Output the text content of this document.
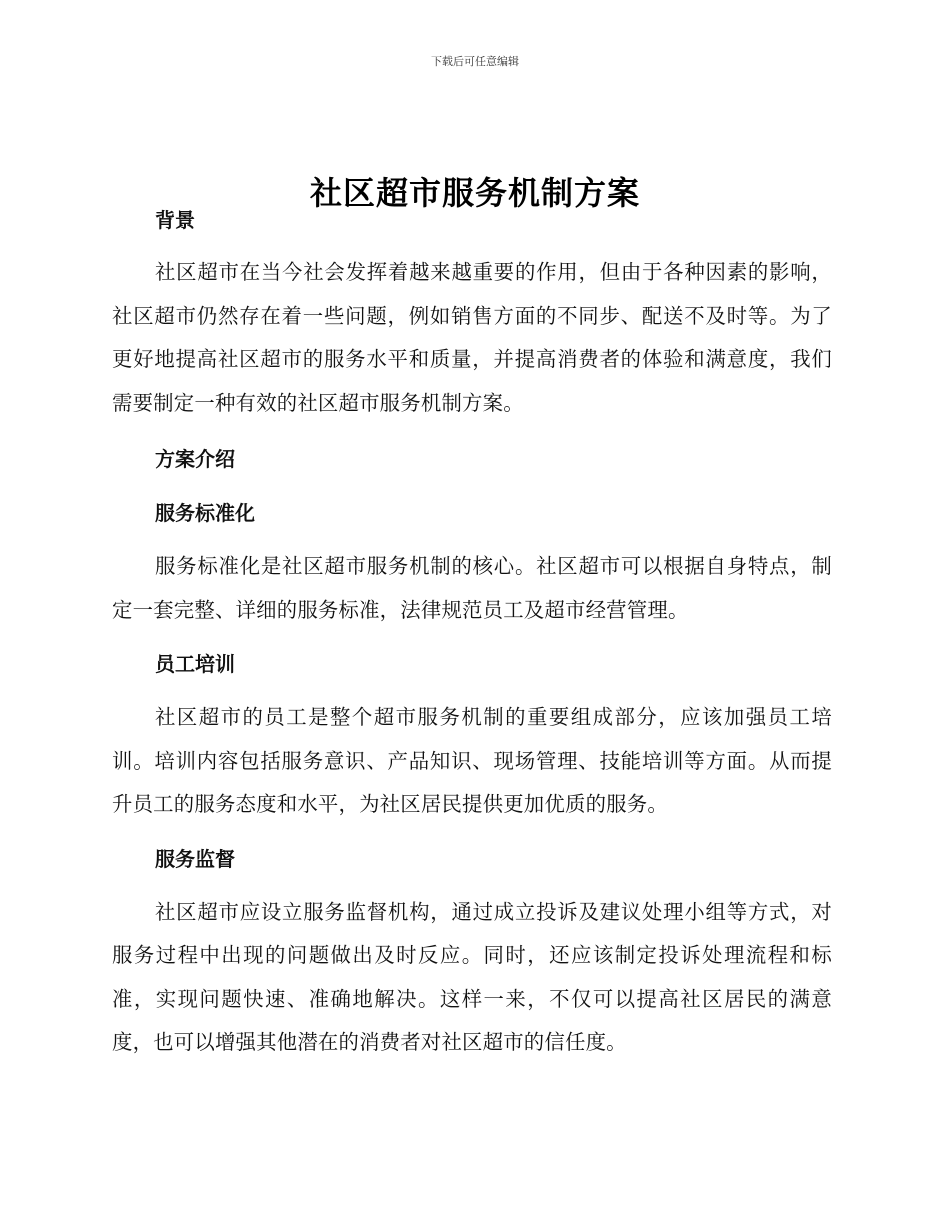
下载后可任意编辑
社区超市服务机制方案
背景

社区超市在当今社会发挥着越来越重要的作用，但由于各种因素的影响，社区超市仍然存在着一些问题，例如销售方面的不同步、配送不及时等。为了更好地提高社区超市的服务水平和质量，并提高消费者的体验和满意度，我们需要制定一种有效的社区超市服务机制方案。

方案介绍
服务标准化

服务标准化是社区超市服务机制的核心。社区超市可以根据自身特点，制定一套完整、详细的服务标准，法律规范员工及超市经营管理。

员工培训

社区超市的员工是整个超市服务机制的重要组成部分，应该加强员工培训。培训内容包括服务意识、产品知识、现场管理、技能培训等方面。从而提升员工的服务态度和水平，为社区居民提供更加优质的服务。

服务监督

社区超市应设立服务监督机构，通过成立投诉及建议处理小组等方式，对服务过程中出现的问题做出及时反应。同时，还应该制定投诉处理流程和标准，实现问题快速、准确地解决。这样一来，不仅可以提高社区居民的满意度，也可以增强其他潜在的消费者对社区超市的信任度。
